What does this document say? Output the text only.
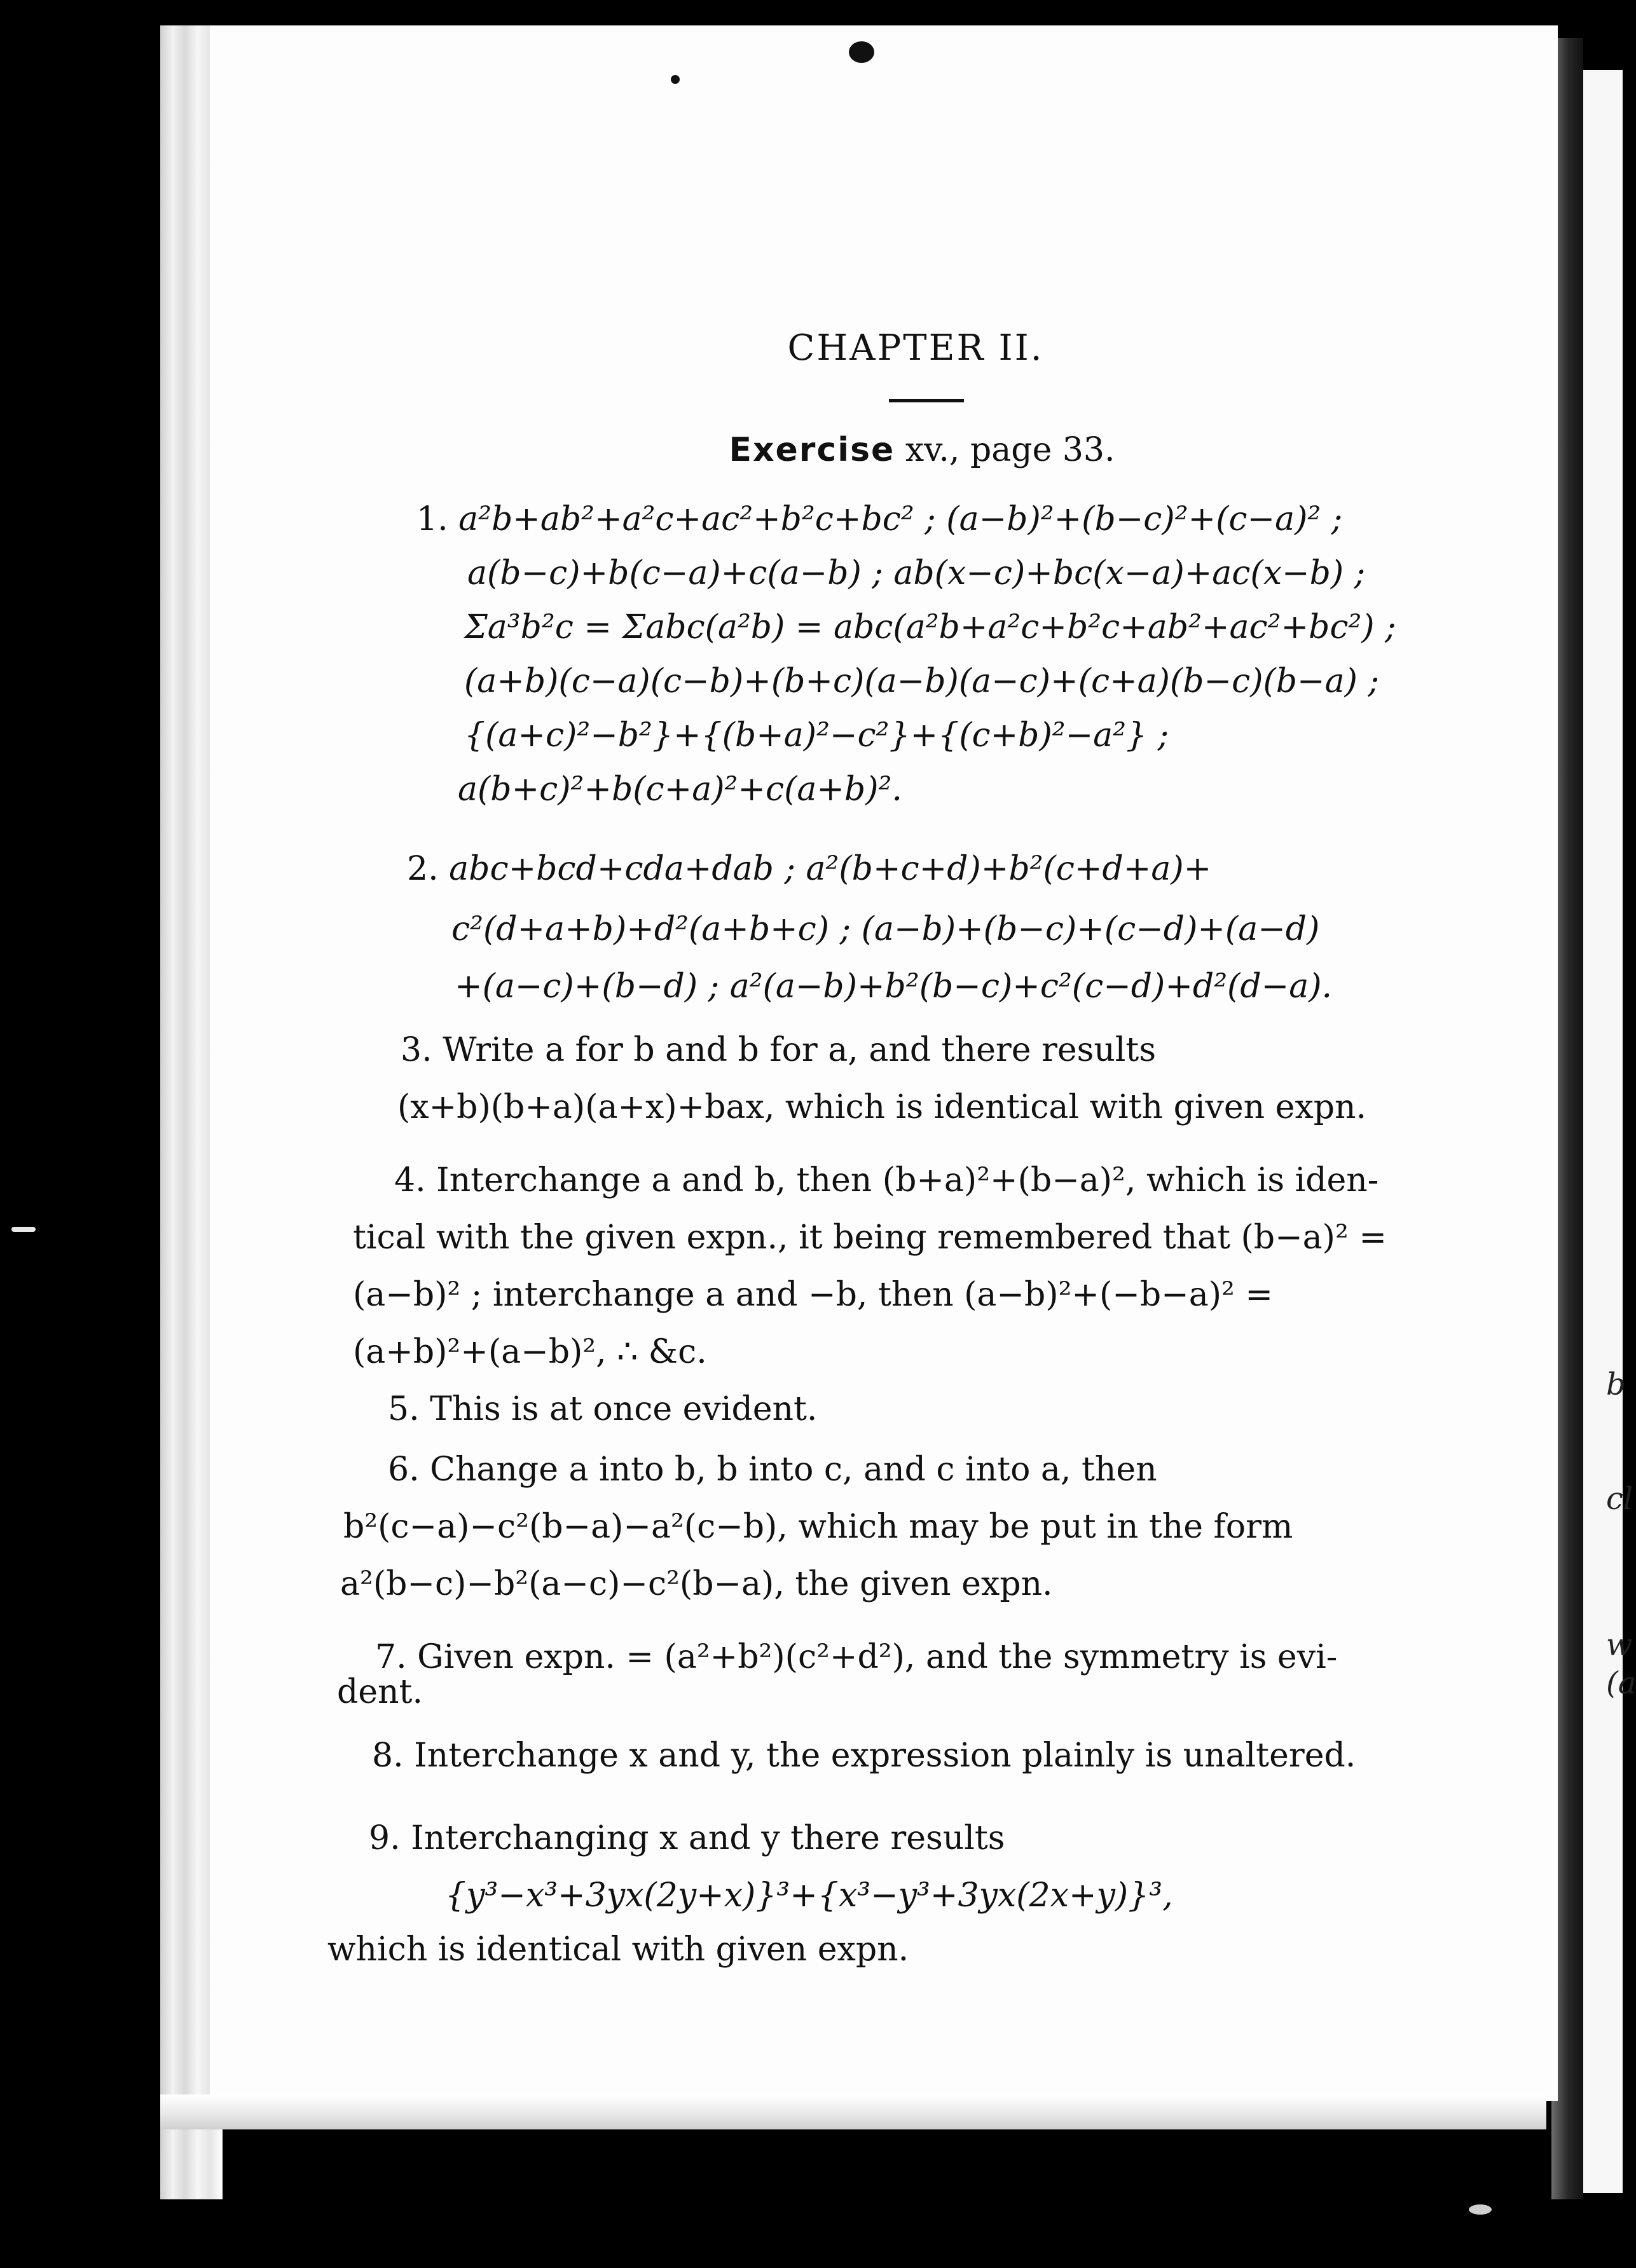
b
cl
w
(a
CHAPTER II.
Exercise xv., page 33.
1. a²b+ab²+a²c+ac²+b²c+bc² ; (a−b)²+(b−c)²+(c−a)² ;
a(b−c)+b(c−a)+c(a−b) ; ab(x−c)+bc(x−a)+ac(x−b) ;
Σa³b²c = Σabc(a²b) = abc(a²b+a²c+b²c+ab²+ac²+bc²) ;
(a+b)(c−a)(c−b)+(b+c)(a−b)(a−c)+(c+a)(b−c)(b−a) ;
{(a+c)²−b²}+{(b+a)²−c²}+{(c+b)²−a²} ;
a(b+c)²+b(c+a)²+c(a+b)².
2. abc+bcd+cda+dab ; a²(b+c+d)+b²(c+d+a)+
c²(d+a+b)+d²(a+b+c) ; (a−b)+(b−c)+(c−d)+(a−d)
+(a−c)+(b−d) ; a²(a−b)+b²(b−c)+c²(c−d)+d²(d−a).
3. Write a for b and b for a, and there results
(x+b)(b+a)(a+x)+bax, which is identical with given expn.
4. Interchange a and b, then (b+a)²+(b−a)², which is iden-
tical with the given expn., it being remembered that (b−a)² =
(a−b)² ; interchange a and −b, then (a−b)²+(−b−a)² =
(a+b)²+(a−b)², ∴ &c.
5. This is at once evident.
6. Change a into b, b into c, and c into a, then
b²(c−a)−c²(b−a)−a²(c−b), which may be put in the form
a²(b−c)−b²(a−c)−c²(b−a), the given expn.
7. Given expn. = (a²+b²)(c²+d²), and the symmetry is evi-
dent.
8. Interchange x and y, the expression plainly is unaltered.
9. Interchanging x and y there results
{y³−x³+3yx(2y+x)}³+{x³−y³+3yx(2x+y)}³,
which is identical with given expn.
